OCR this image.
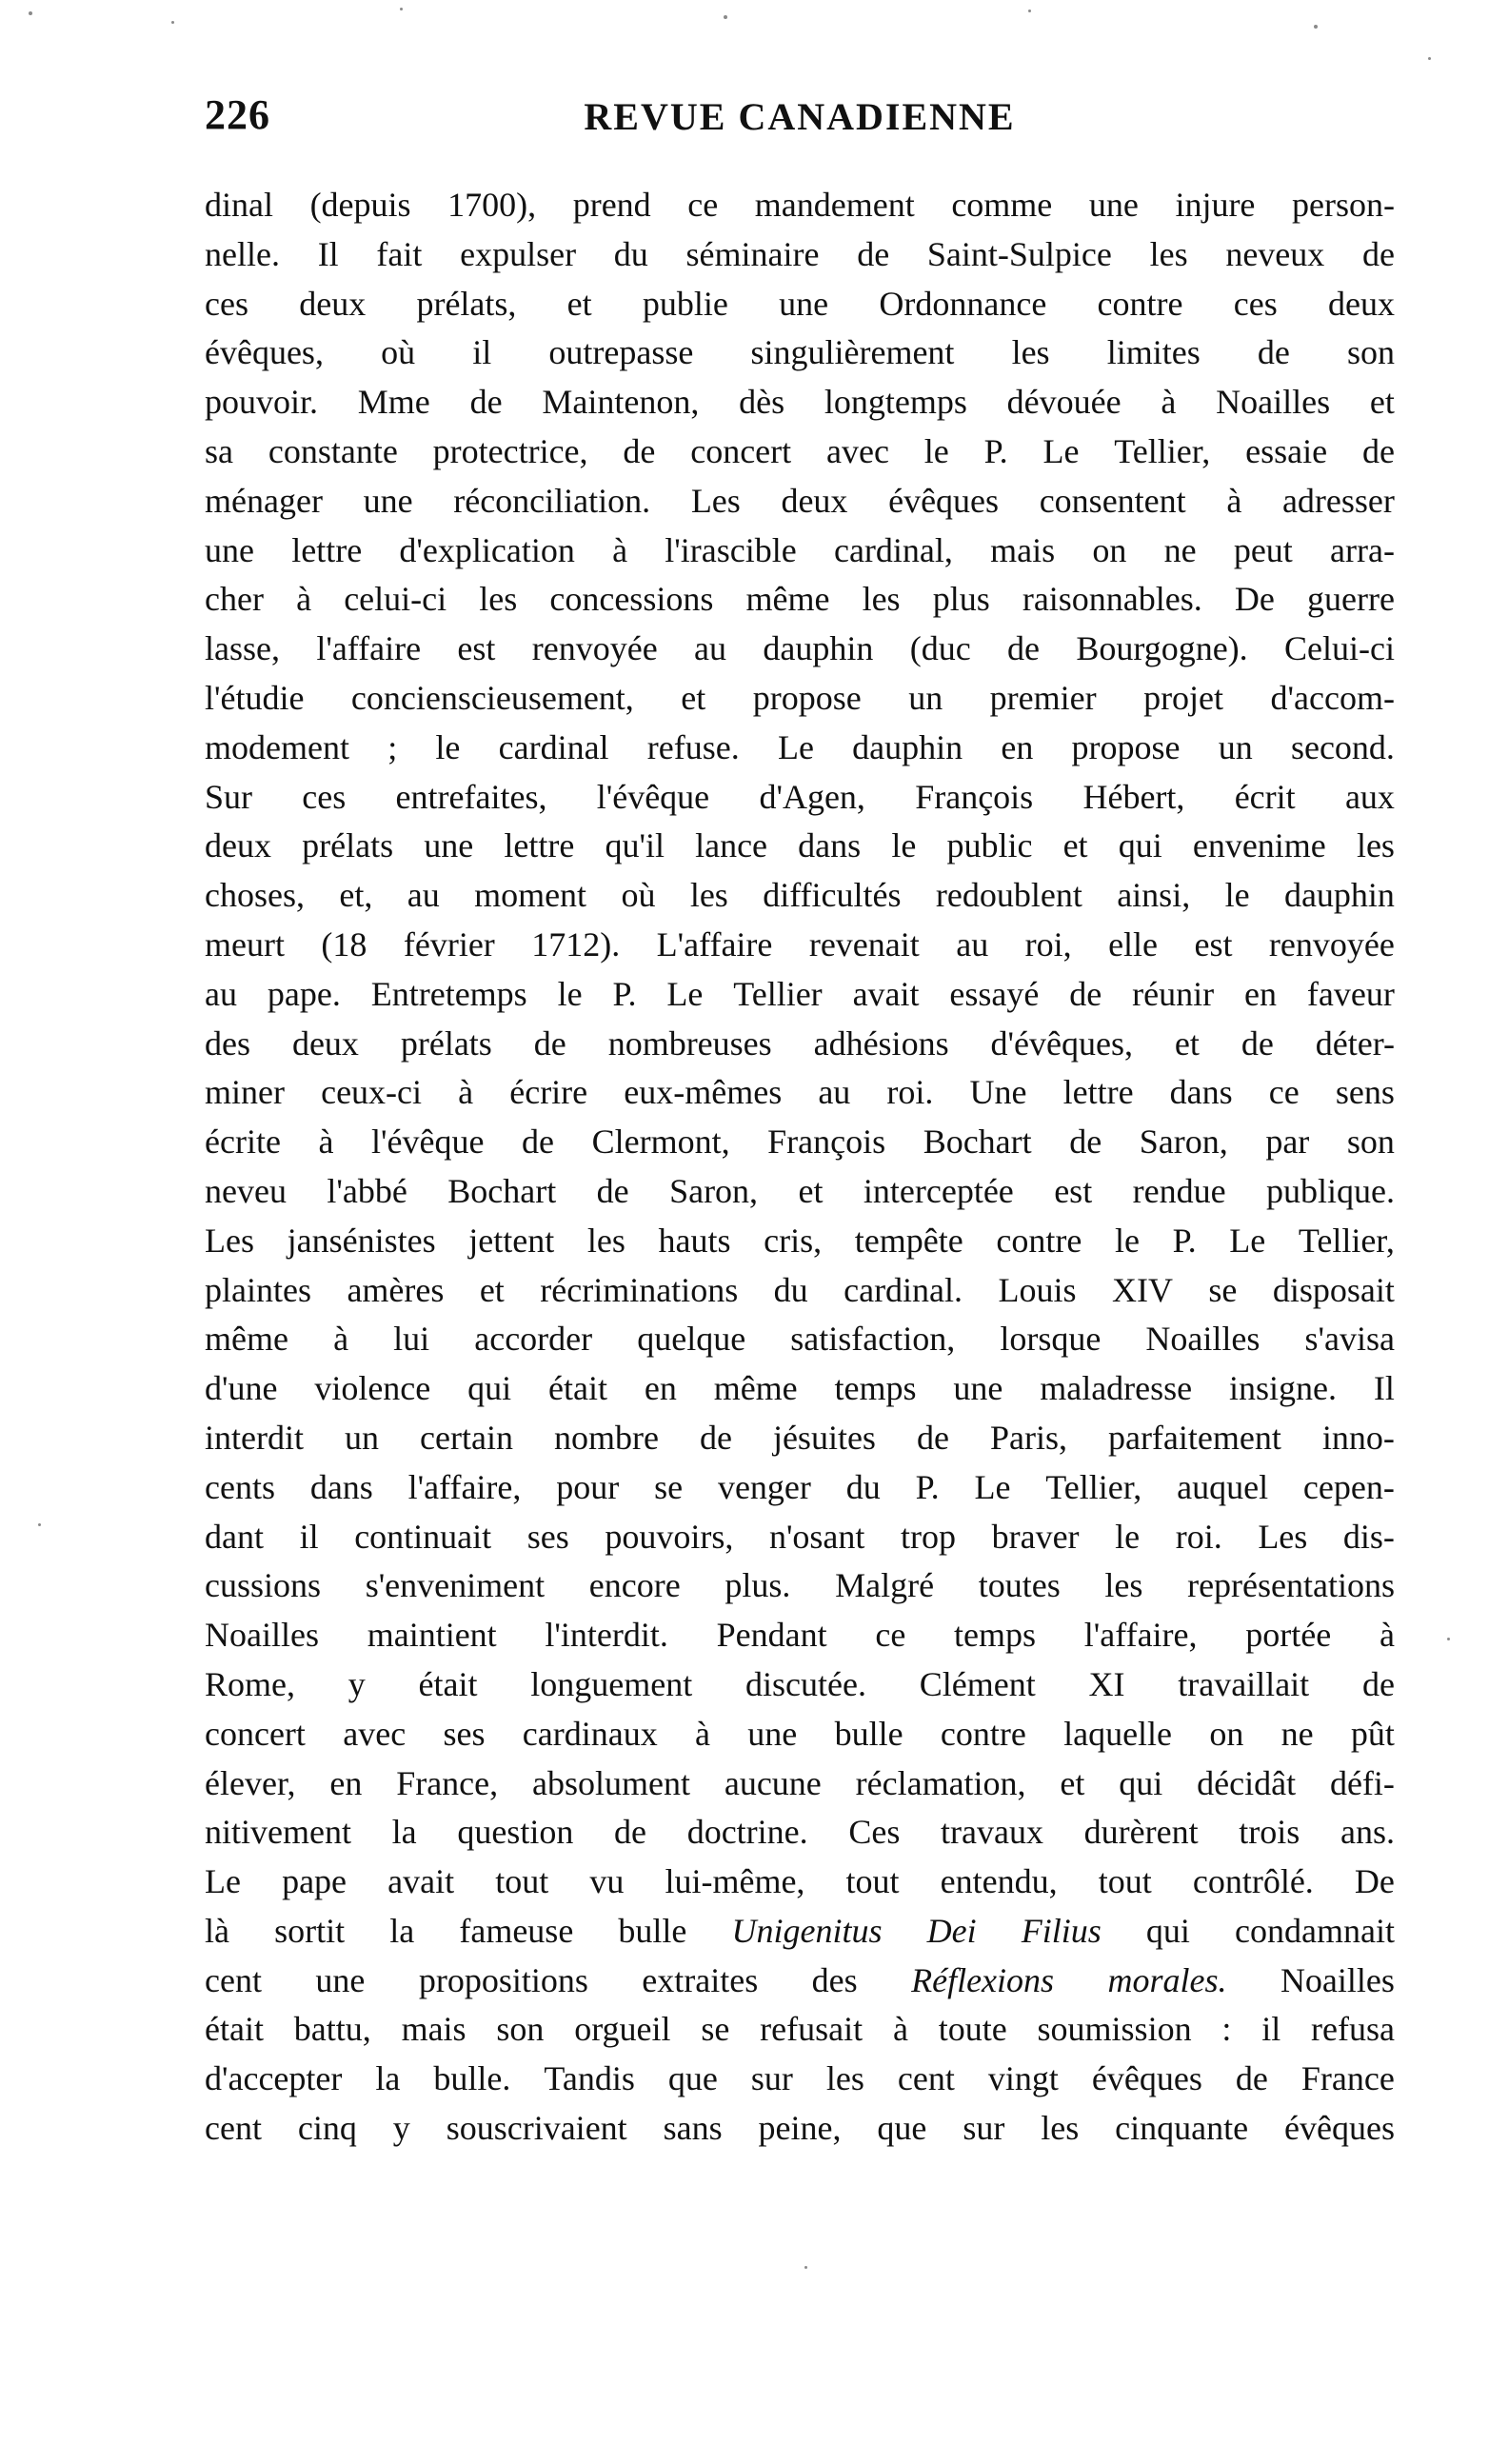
226	REVUE CANADIENNE
dinal (depuis 1700), prend ce mandement comme une injure person-
nelle. Il fait expulser du séminaire de Saint-Sulpice les neveux de
ces deux prélats, et publie une Ordonnance contre ces deux
évêques, où il outrepasse singulièrement les limites de son
pouvoir. Mme de Maintenon, dès longtemps dévouée à Noailles et
sa constante protectrice, de concert avec le P. Le Tellier, essaie de
ménager une réconciliation. Les deux évêques consentent à adresser
une lettre d'explication à l'irascible cardinal, mais on ne peut arra-
cher à celui-ci les concessions même les plus raisonnables. De guerre
lasse, l'affaire est renvoyée au dauphin (duc de Bourgogne). Celui-ci
l'étudie concienscieusement, et propose un premier projet d'accom-
modement ; le cardinal refuse. Le dauphin en propose un second.
Sur ces entrefaites, l'évêque d'Agen, François Hébert, écrit aux
deux prélats une lettre qu'il lance dans le public et qui envenime les
choses, et, au moment où les difficultés redoublent ainsi, le dauphin
meurt (18 février 1712). L'affaire revenait au roi, elle est renvoyée
au pape. Entretemps le P. Le Tellier avait essayé de réunir en faveur
des deux prélats de nombreuses adhésions d'évêques, et de déter-
miner ceux-ci à écrire eux-mêmes au roi. Une lettre dans ce sens
écrite à l'évêque de Clermont, François Bochart de Saron, par son
neveu l'abbé Bochart de Saron, et interceptée est rendue publique.
Les jansénistes jettent les hauts cris, tempête contre le P. Le Tellier,
plaintes amères et récriminations du cardinal. Louis XIV se disposait
même à lui accorder quelque satisfaction, lorsque Noailles s'avisa
d'une violence qui était en même temps une maladresse insigne. Il
interdit un certain nombre de jésuites de Paris, parfaitement inno-
cents dans l'affaire, pour se venger du P. Le Tellier, auquel cepen-
dant il continuait ses pouvoirs, n'osant trop braver le roi. Les dis-
cussions s'enveniment encore plus. Malgré toutes les représentations
Noailles maintient l'interdit. Pendant ce temps l'affaire, portée à
Rome, y était longuement discutée. Clément XI travaillait de
concert avec ses cardinaux à une bulle contre laquelle on ne pût
élever, en France, absolument aucune réclamation, et qui décidât défi-
nitivement la question de doctrine. Ces travaux durèrent trois ans.
Le pape avait tout vu lui-même, tout entendu, tout contrôlé. De
là sortit la fameuse bulle Unigenitus Dei Filius qui condamnait
cent une propositions extraites des Réflexions morales. Noailles
était battu, mais son orgueil se refusait à toute soumission : il refusa
d'accepter la bulle. Tandis que sur les cent vingt évêques de France
cent cinq y souscrivaient sans peine, que sur les cinquante évêques
